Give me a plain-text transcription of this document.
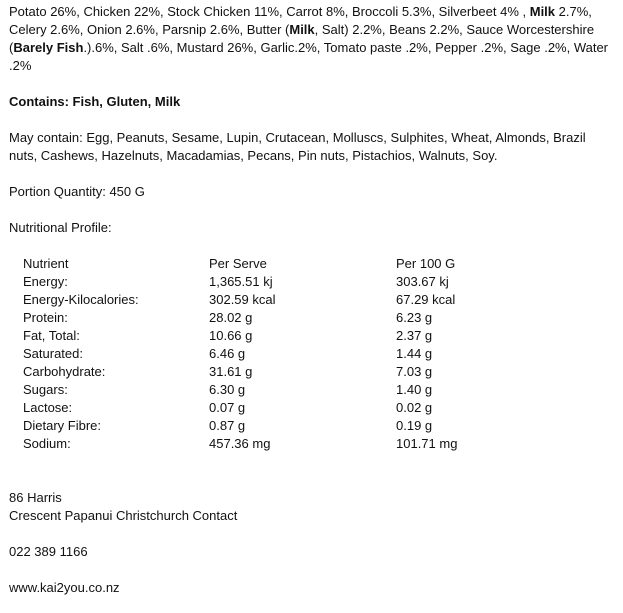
Potato 26%, Chicken 22%, Stock Chicken 11%, Carrot 8%, Broccoli 5.3%, Silverbeet 4% , Milk 2.7%, Celery 2.6%, Onion 2.6%, Parsnip 2.6%, Butter (Milk, Salt) 2.2%, Beans 2.2%, Sauce Worcestershire (Barely Fish.).6%, Salt .6%, Mustard 26%, Garlic.2%, Tomato paste .2%, Pepper .2%, Sage .2%, Water .2%

Contains: Fish, Gluten, Milk

May contain: Egg, Peanuts, Sesame, Lupin, Crutacean, Molluscs, Sulphites, Wheat, Almonds, Brazil nuts, Cashews, Hazelnuts, Macadamias, Pecans, Pin nuts, Pistachios, Walnuts, Soy.

Portion Quantity: 450 G

Nutritional Profile:

Nutrient	Per Serve	Per 100 G
Energy:	1,365.51 kj	303.67 kj
Energy-Kilocalories:	302.59 kcal	67.29 kcal
Protein:	28.02 g	6.23 g
Fat, Total:	10.66 g	2.37 g
Saturated:	6.46 g	1.44 g
Carbohydrate:	31.61 g	7.03 g
Sugars:	6.30 g	1.40 g
Lactose:	0.07 g	0.02 g
Dietary Fibre:	0.87 g	0.19 g
Sodium:	457.36 mg	101.71 mg

86 Harris

Crescent Papanui Christchurch Contact

022 389 1166

www.kai2you.co.nz
